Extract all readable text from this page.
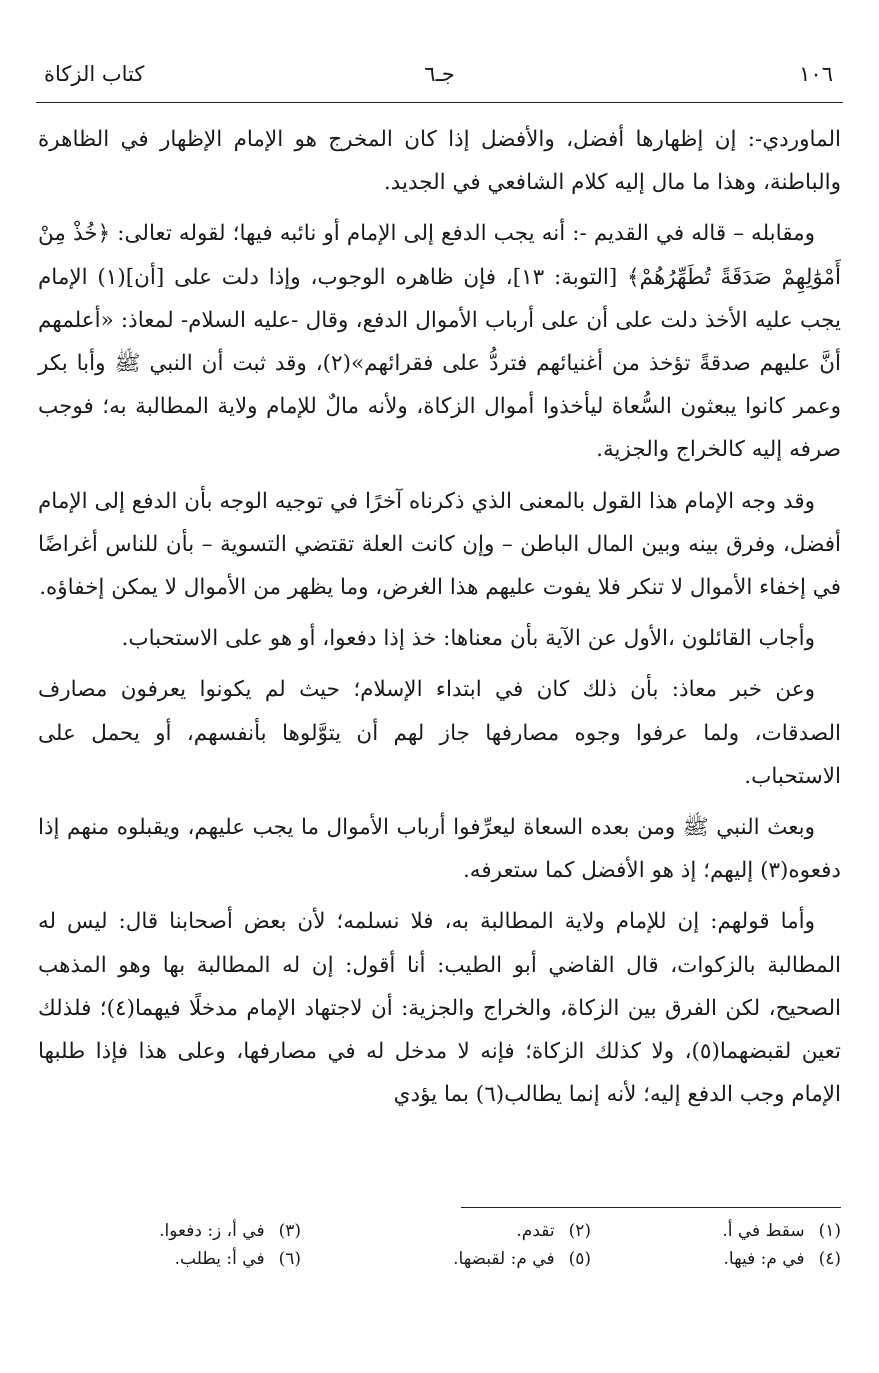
١٠٦
جـ٦
كتاب الزكاة

الماوردي-: إن إظهارها أفضل، والأفضل إذا كان المخرج هو الإمام الإظهار في الظاهرة والباطنة، وهذا ما مال إليه كلام الشافعي في الجديد.

ومقابله – قاله في القديم -: أنه يجب الدفع إلى الإمام أو نائبه فيها؛ لقوله تعالى: ﴿خُذْ مِنْ أَمْوَٰلِهِمْ صَدَقَةً تُطَهِّرُهُمْ﴾ [التوبة: ١٣]، فإن ظاهره الوجوب، وإذا دلت على [أن](١) الإمام يجب عليه الأخذ دلت على أن على أرباب الأموال الدفع، وقال -عليه السلام- لمعاذ: «أعلمهم أنَّ عليهم صدقةً تؤخذ من أغنيائهم فتردُّ على فقرائهم»(٢)، وقد ثبت أن النبي ﷺ وأبا بكر وعمر كانوا يبعثون السُّعاة ليأخذوا أموال الزكاة، ولأنه مالٌ للإمام ولاية المطالبة به؛ فوجب صرفه إليه كالخراج والجزية.

وقد وجه الإمام هذا القول بالمعنى الذي ذكرناه آخرًا في توجيه الوجه بأن الدفع إلى الإمام أفضل، وفرق بينه وبين المال الباطن – وإن كانت العلة تقتضي التسوية – بأن للناس أغراضًا في إخفاء الأموال لا تنكر فلا يفوت عليهم هذا الغرض، وما يظهر من الأموال لا يمكن إخفاؤه.

وأجاب القائلون ،الأول عن الآية بأن معناها: خذ إذا دفعوا، أو هو على الاستحباب.

وعن خبر معاذ: بأن ذلك كان في ابتداء الإسلام؛ حيث لم يكونوا يعرفون مصارف الصدقات، ولما عرفوا وجوه مصارفها جاز لهم أن يتوَّلوها بأنفسهم، أو يحمل على الاستحباب.

وبعث النبي ﷺ ومن بعده السعاة ليعرِّفوا أرباب الأموال ما يجب عليهم، ويقبلوه منهم إذا دفعوه(٣) إليهم؛ إذ هو الأفضل كما ستعرفه.

وأما قولهم: إن للإمام ولاية المطالبة به، فلا نسلمه؛ لأن بعض أصحابنا قال: ليس له المطالبة بالزكوات، قال القاضي أبو الطيب: أنا أقول: إن له المطالبة بها وهو المذهب الصحيح، لكن الفرق بين الزكاة، والخراج والجزية: أن لاجتهاد الإمام مدخلًا فيهما(٤)؛ فلذلك تعين لقبضهما(٥)، ولا كذلك الزكاة؛ فإنه لا مدخل له في مصارفها، وعلى هذا فإذا طلبها الإمام وجب الدفع إليه؛ لأنه إنما يطالب(٦) بما يؤدي

(١)سقط في أ.
(٢)تقدم.
(٣)في أ، ز: دفعوا.
(٤)في م: فيها.
(٥)في م: لقبضها.
(٦)في أ: يطلب.
